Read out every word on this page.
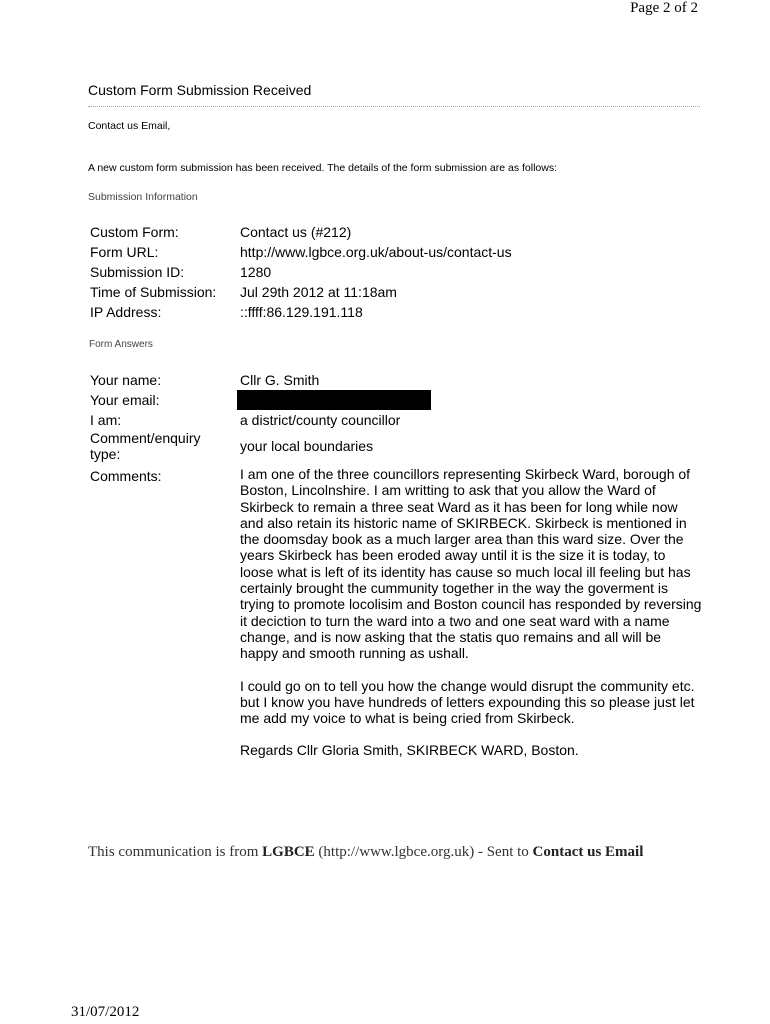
Page 2 of 2
Custom Form Submission Received
Contact us Email,
A new custom form submission has been received. The details of the form submission are as follows:
Submission Information
Custom Form:	Contact us (#212)
Form URL:	http://www.lgbce.org.uk/about-us/contact-us
Submission ID:	1280
Time of Submission:	Jul 29th 2012 at 11:18am
IP Address:	::ffff:86.129.191.118
Form Answers
Your name:	Cllr G. Smith
Your email:
I am:	a district/county councillor
Comment/enquiry type:	your local boundaries
Comments:	I am one of the three councillors representing Skirbeck Ward, borough of Boston, Lincolnshire. I am writting to ask that you allow the Ward of Skirbeck to remain a three seat Ward as it has been for long while now and also retain its historic name of SKIRBECK. Skirbeck is mentioned in the doomsday book as a much larger area than this ward size. Over the years Skirbeck has been eroded away until it is the size it is today, to loose what is left of its identity has cause so much local ill feeling but has certainly brought the cummunity together in the way the goverment is trying to promote locolisim and Boston council has responded by reversing it deciction to turn the ward into a two and one seat ward with a name change, and is now asking that the statis quo remains and all will be happy and smooth running as ushall.

I could go on to tell you how the change would disrupt the community etc. but I know you have hundreds of letters expounding this so please just let me add my voice to what is being cried from Skirbeck.

Regards Cllr Gloria Smith, SKIRBECK WARD, Boston.

This communication is from LGBCE (http://www.lgbce.org.uk) - Sent to Contact us Email
31/07/2012
